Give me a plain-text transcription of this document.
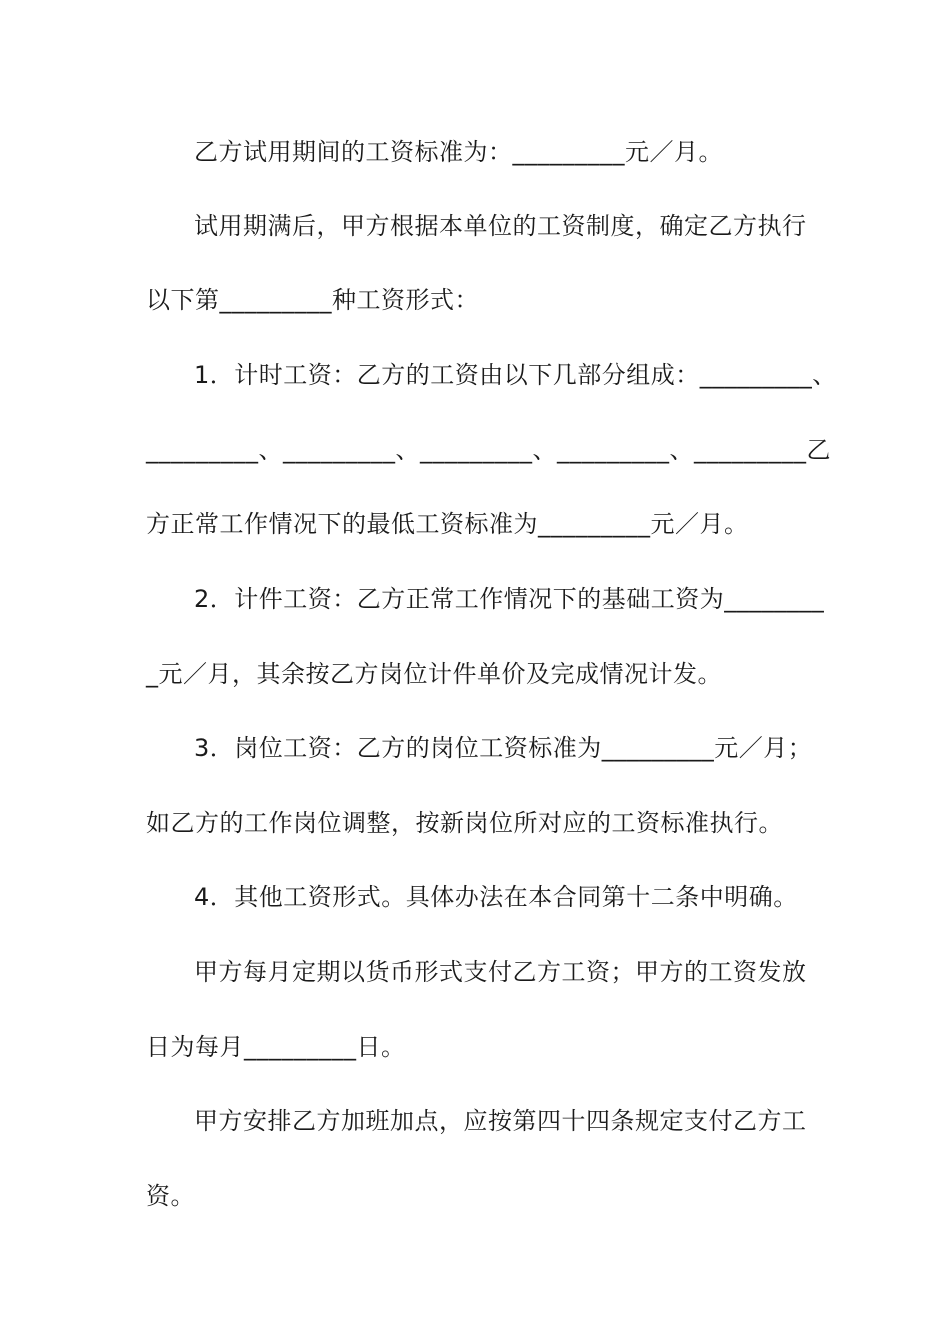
乙方试用期间的工资标准为：_________元／月。
试用期满后，甲方根据本单位的工资制度，确定乙方执行
以下第_________种工资形式：
1．计时工资：乙方的工资由以下几部分组成：_________、
_________、_________、_________、_________、_________乙
方正常工作情况下的最低工资标准为_________元／月。
2．计件工资：乙方正常工作情况下的基础工资为________
_元／月，其余按乙方岗位计件单价及完成情况计发。
3．岗位工资：乙方的岗位工资标准为_________元／月；
如乙方的工作岗位调整，按新岗位所对应的工资标准执行。
4．其他工资形式。具体办法在本合同第十二条中明确。
甲方每月定期以货币形式支付乙方工资；甲方的工资发放
日为每月_________日。
甲方安排乙方加班加点，应按第四十四条规定支付乙方工
资。
